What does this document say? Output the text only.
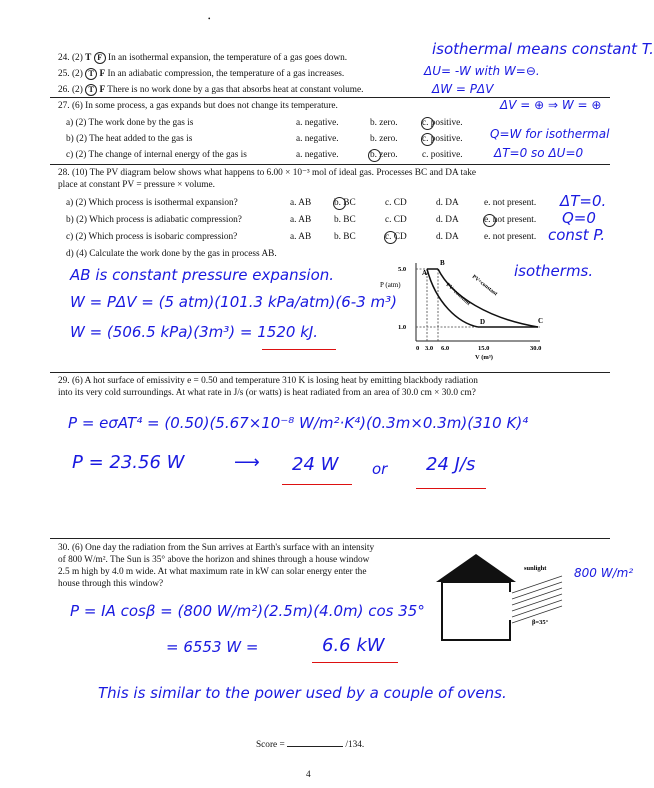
•
24. (2) T F In an isothermal expansion, the temperature of a gas goes down.
25. (2) T F In an adiabatic compression, the temperature of a gas increases.
26. (2) T F There is no work done by a gas that absorbs heat at constant volume.
isothermal means constant T.
ΔU= -W with W=⊖.
ΔW = PΔV
27. (6) In some process, a gas expands but does not change its temperature.	ΔV = ⊕ ⇒ W = ⊕
a) (2) The work done by the gas is	a. negative.	b. zero.	c. positive.
b) (2) The heat added to the gas is	a. negative.	b. zero.	c. positive. Q=W for isothermal
c) (2) The change of internal energy of the gas is	a. negative.	b. zero.	c. positive.	ΔT=0 so ΔU=0
28. (10) The PV diagram below shows what happens to 6.00 × 10⁻³ mol of ideal gas. Processes BC and DA take
place at constant PV = pressure × volume.
a) (2) Which process is isothermal expansion?	a. AB b. BC	c. CD	d. DA	e. not present. ΔT=0.
b) (2) Which process is adiabatic compression?	a. AB b. BC	c. CD	d. DA	e. not present. Q=0
c) (2) Which process is isobaric compression?	a. AB b. BC	c. CD	d. DA	e. not present. const P.
d) (4) Calculate the work done by the gas in process AB.
P (atm)
5.0
1.0
A
B
C
D
PV=constant
PV=constant
0 3.0 6.0	15.0	30.0
V (m³)
isotherms.
AB is constant pressure expansion.
W = PΔV = (5 atm)(101.3 kPa/atm)(6-3 m³)
W = (506.5 kPa)(3m³) = 1520 kJ.
29. (6) A hot surface of emissivity e = 0.50 and temperature 310 K is losing heat by emitting blackbody radiation
into its very cold surroundings. At what rate in J/s (or watts) is heat radiated from an area of 30.0 cm × 30.0 cm?
P = eσAT⁴ = (0.50)(5.67×10⁻⁸ W/m²·K⁴)(0.3m×0.3m)(310 K)⁴
P = 23.56 W	⟶ 24 W or 24 J/s
30. (6) One day the radiation from the Sun arrives at Earth's surface with an intensity
of 800 W/m². The Sun is 35° above the horizon and shines through a house window
2.5 m high by 4.0 m wide. At what maximum rate in kW can solar energy enter the
house through this window?
sunlight
β=35°
800 W/m²
P = IA cosβ = (800 W/m²)(2.5m)(4.0m) cos 35°
= 6553 W =	6.6 kW
This is similar to the power used by a couple of ovens.
Score =	/134.
4
